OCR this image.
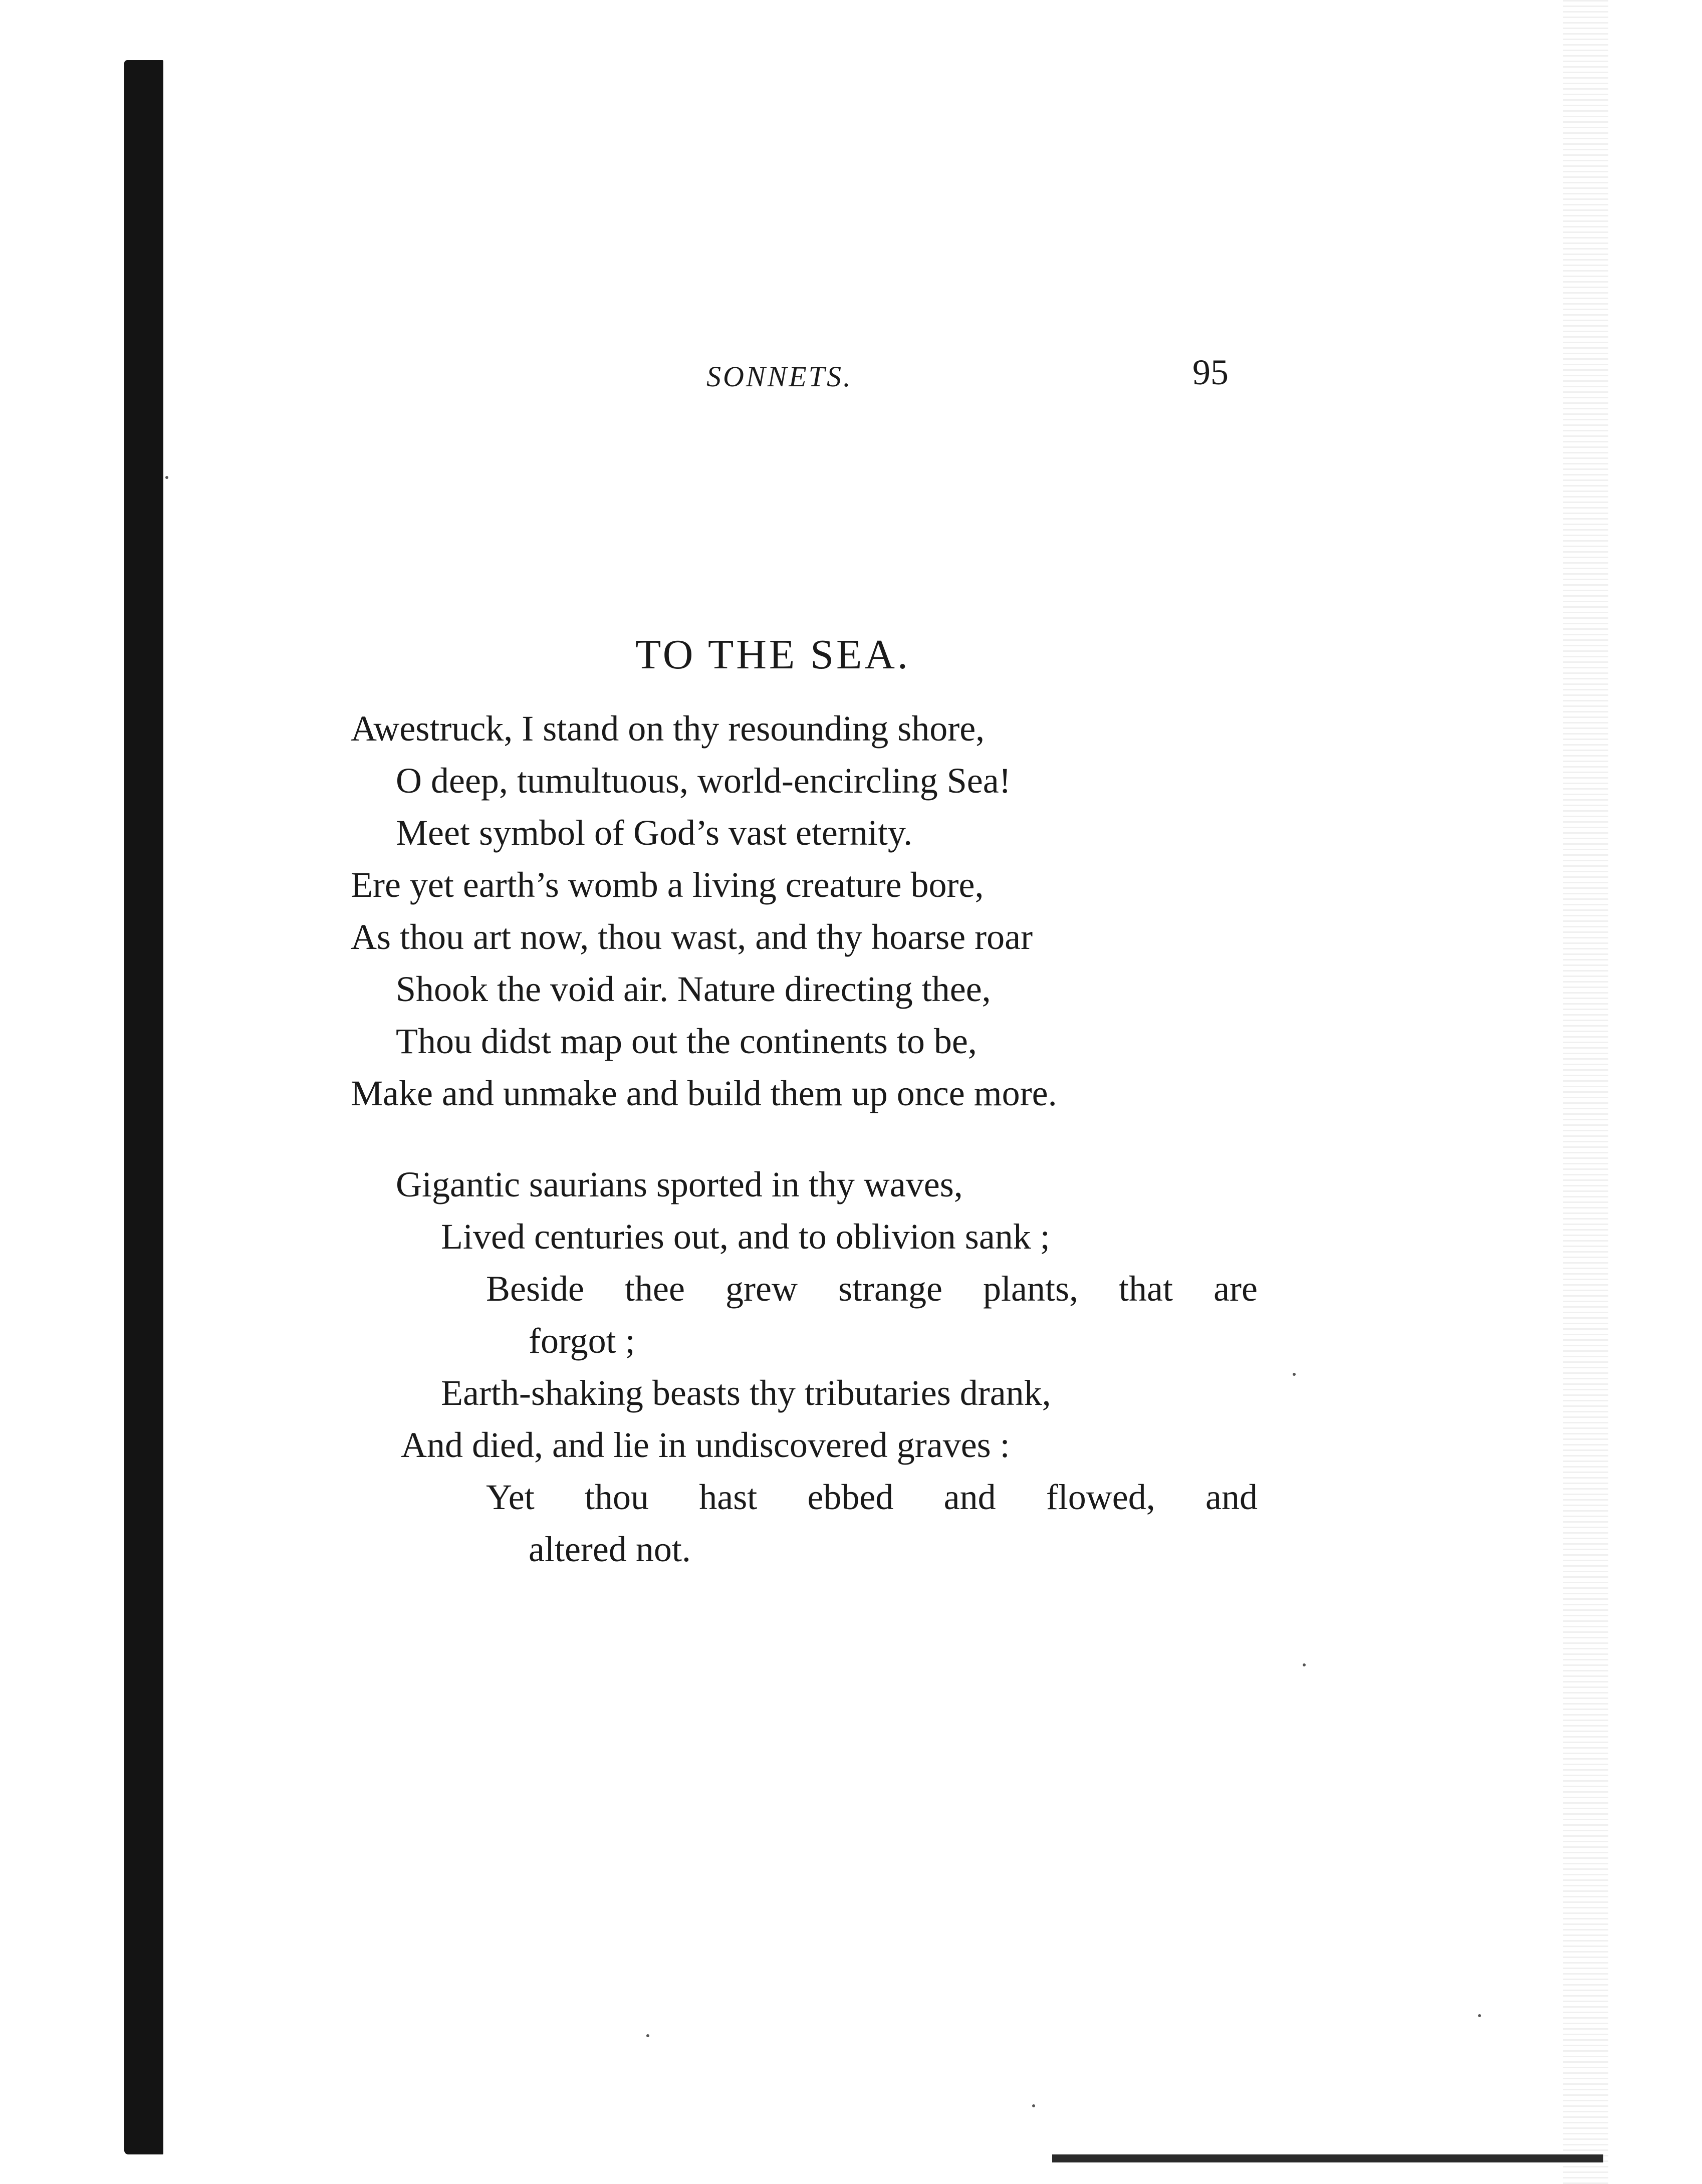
SONNETS.	95
TO THE SEA.
Awestruck, I stand on thy resounding shore,
O deep, tumultuous, world-encircling Sea!
Meet symbol of God’s vast eternity.
Ere yet earth’s womb a living creature bore,
As thou art now, thou wast, and thy hoarse roar
Shook the void air. Nature directing thee,
Thou didst map out the continents to be,
Make and unmake and build them up once more.
Gigantic saurians sported in thy waves,
Lived centuries out, and to oblivion sank ;
Beside thee grew strange plants, that are
forgot ;
Earth-shaking beasts thy tributaries drank,
And died, and lie in undiscovered graves :
Yet thou hast ebbed and flowed, and
altered not.
